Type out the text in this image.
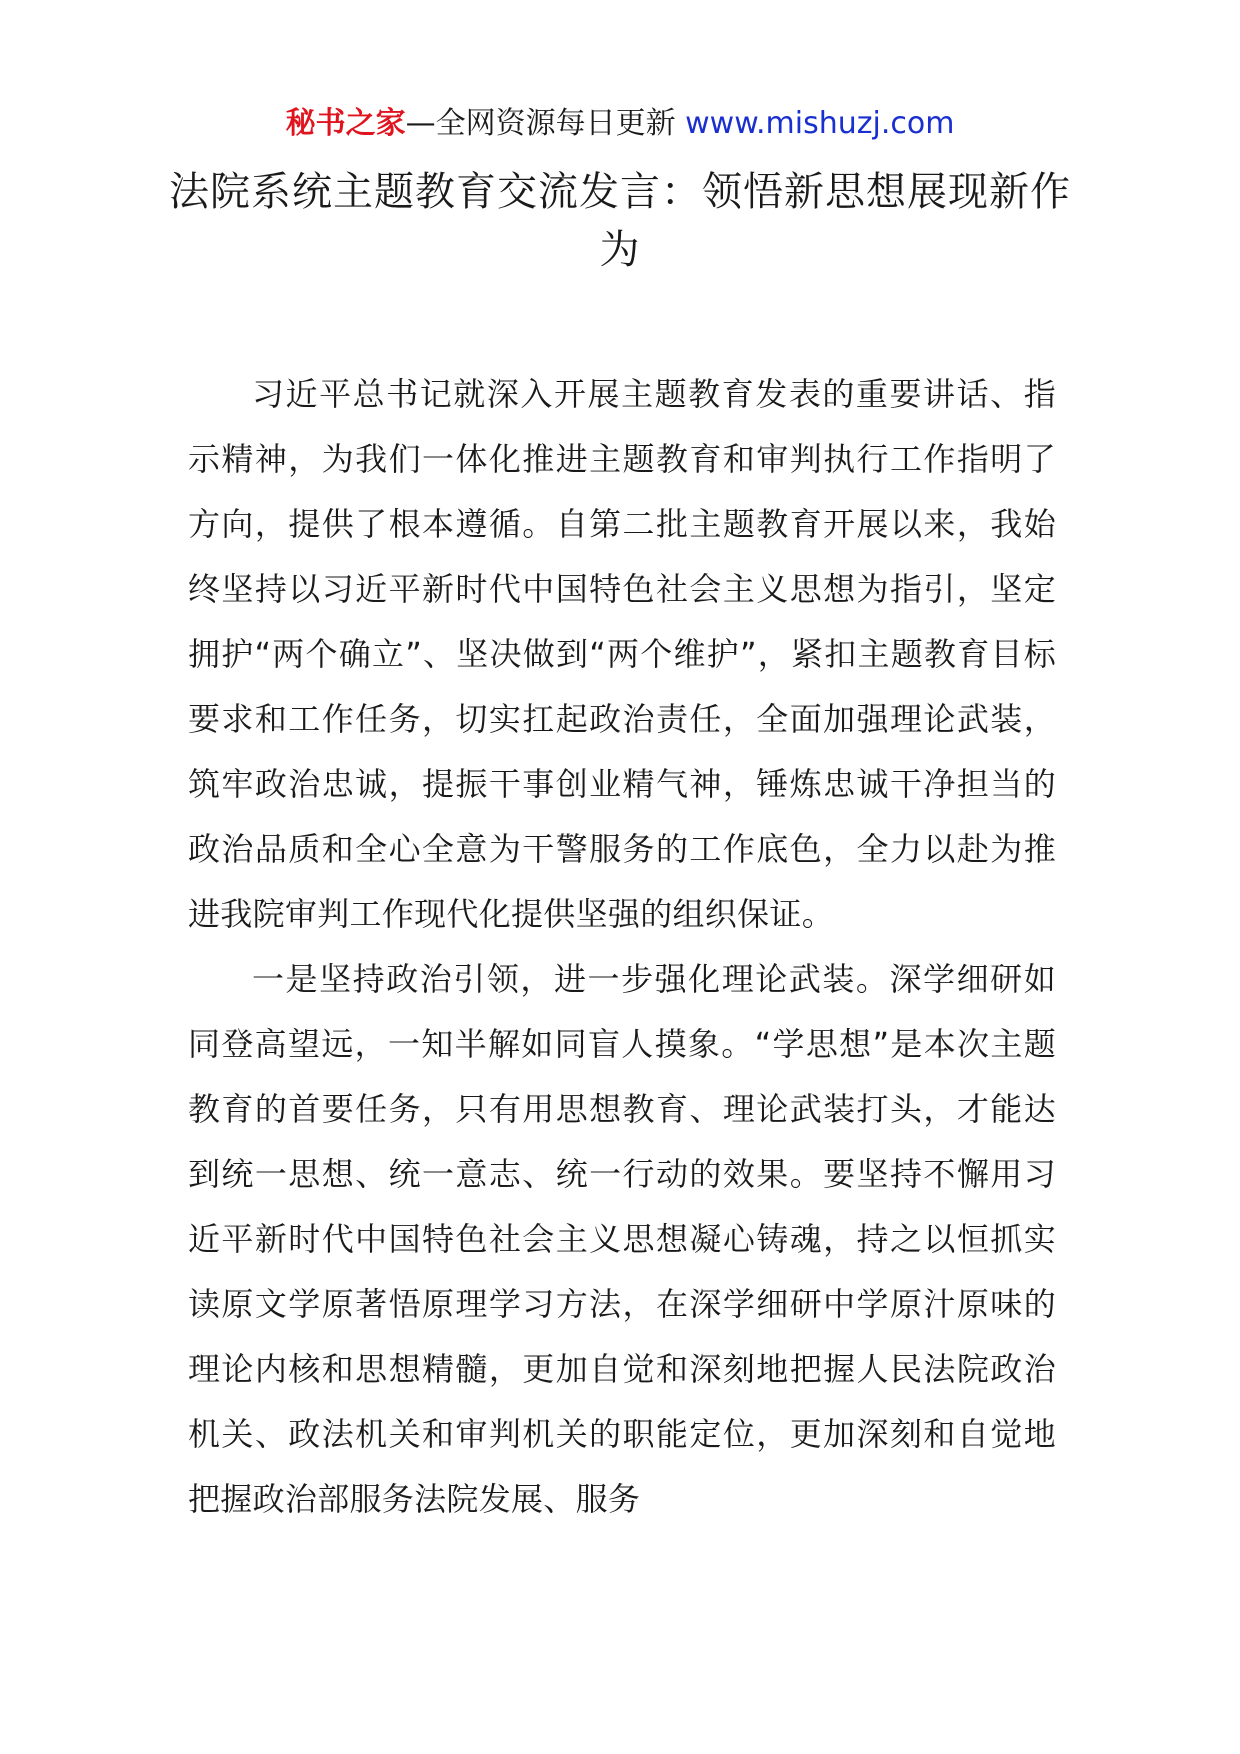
秘书之家—全网资源每日更新 www.mishuzj.com
法院系统主题教育交流发言：领悟新思想展现新作为

习近平总书记就深入开展主题教育发表的重要讲话、指示精神，为我们一体化推进主题教育和审判执行工作指明了方向，提供了根本遵循。自第二批主题教育开展以来，我始终坚持以习近平新时代中国特色社会主义思想为指引，坚定拥护“两个确立”、坚决做到“两个维护”，紧扣主题教育目标要求和工作任务，切实扛起政治责任，全面加强理论武装，筑牢政治忠诚，提振干事创业精气神，锤炼忠诚干净担当的政治品质和全心全意为干警服务的工作底色，全力以赴为推进我院审判工作现代化提供坚强的组织保证。

一是坚持政治引领，进一步强化理论武装。深学细研如同登高望远，一知半解如同盲人摸象。“学思想”是本次主题教育的首要任务，只有用思想教育、理论武装打头，才能达到统一思想、统一意志、统一行动的效果。要坚持不懈用习近平新时代中国特色社会主义思想凝心铸魂，持之以恒抓实读原文学原著悟原理学习方法，在深学细研中学原汁原味的理论内核和思想精髓，更加自觉和深刻地把握人民法院政治机关、政法机关和审判机关的职能定位，更加深刻和自觉地把握政治部服务法院发展、服务
